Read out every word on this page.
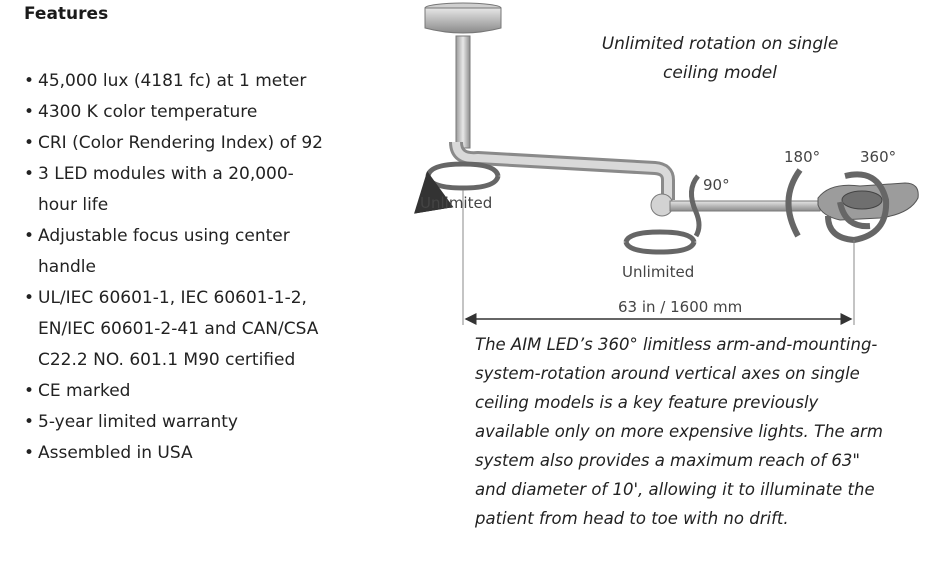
Features
• 45,000 lux (4181 fc) at 1 meter
• 4300 K color temperature
• CRI (Color Rendering Index) of 92
• 3 LED modules with a 20,000-hour life
• Adjustable focus using center handle
• UL/IEC 60601-1, IEC 60601-1-2, EN/IEC 60601-2-41 and CAN/CSA C22.2 NO. 601.1 M90 certified
• CE marked
• 5-year limited warranty
• Assembled in USA
Unlimited rotation on single ceiling model
Unlimited
90°
Unlimited
180°	360°
63 in / 1600 mm
The AIM LED’s 360° limitless arm-and-mounting-system-rotation around vertical axes on single ceiling models is a key feature previously available only on more expensive lights. The arm system also provides a maximum reach of 63" and diameter of 10', allowing it to illuminate the patient from head to toe with no drift.
